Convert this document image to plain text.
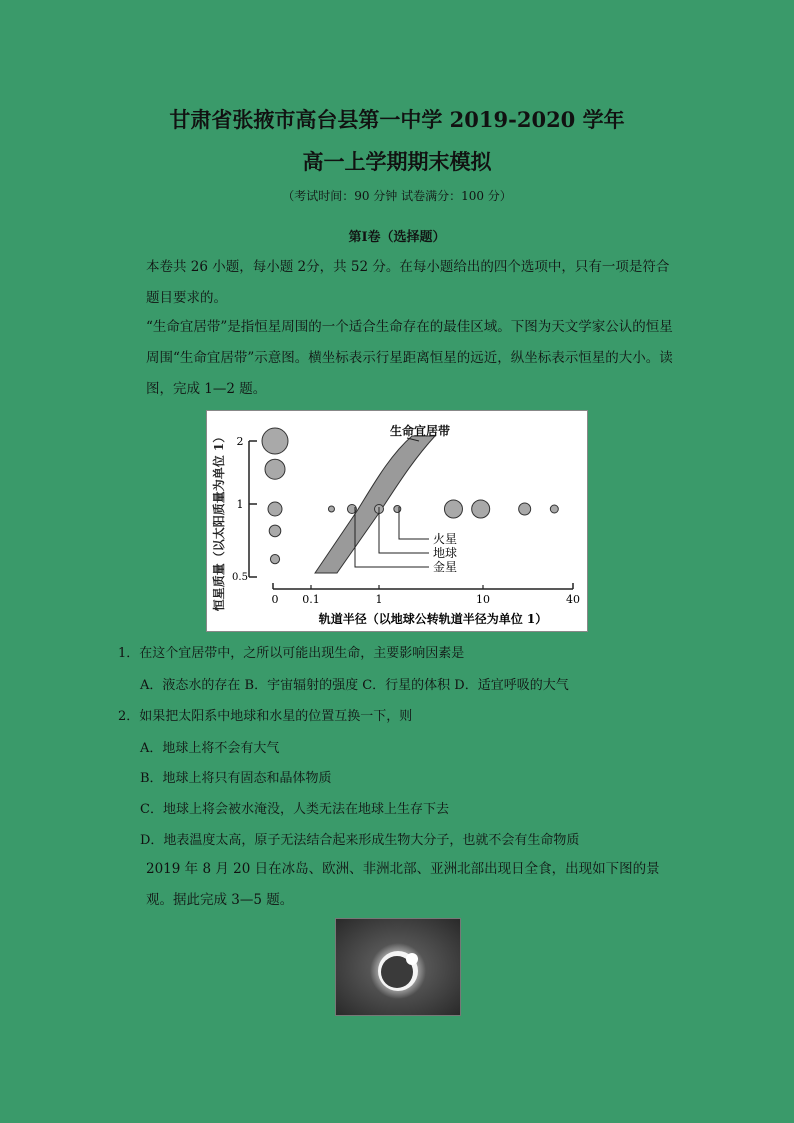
甘肃省张掖市高台县第一中学 2019-2020 学年
高一上学期期末模拟
（考试时间：90 分钟 试卷满分：100 分）
第Ⅰ卷（选择题）
本卷共 26 小题，每小题 2分，共 52 分。在每小题给出的四个选项中，只有一项是符合题目要求的。
“生命宜居带”是指恒星周围的一个适合生命存在的最佳区域。下图为天文学家公认的恒星周围“生命宜居带”示意图。横坐标表示行星距离恒星的远近，纵坐标表示恒星的大小。读图，完成 1—2 题。
恒星质量（以太阳质量为单位 1） 2
1
0.5
生命宜居带
火星
地球
金星
0 0.1	1	10	40
轨道半径（以地球公转轨道半径为单位 1）
1．在这个宜居带中，之所以可能出现生命，主要影响因素是
A．液态水的存在 B．宇宙辐射的强度 C．行星的体积 D．适宜呼吸的大气
2．如果把太阳系中地球和水星的位置互换一下，则
A．地球上将不会有大气
B．地球上将只有固态和晶体物质
C．地球上将会被水淹没，人类无法在地球上生存下去
D．地表温度太高，原子无法结合起来形成生物大分子，也就不会有生命物质
2019 年 8 月 20 日在冰岛、欧洲、非洲北部、亚洲北部出现日全食，出现如下图的景观。据此完成 3—5 题。
